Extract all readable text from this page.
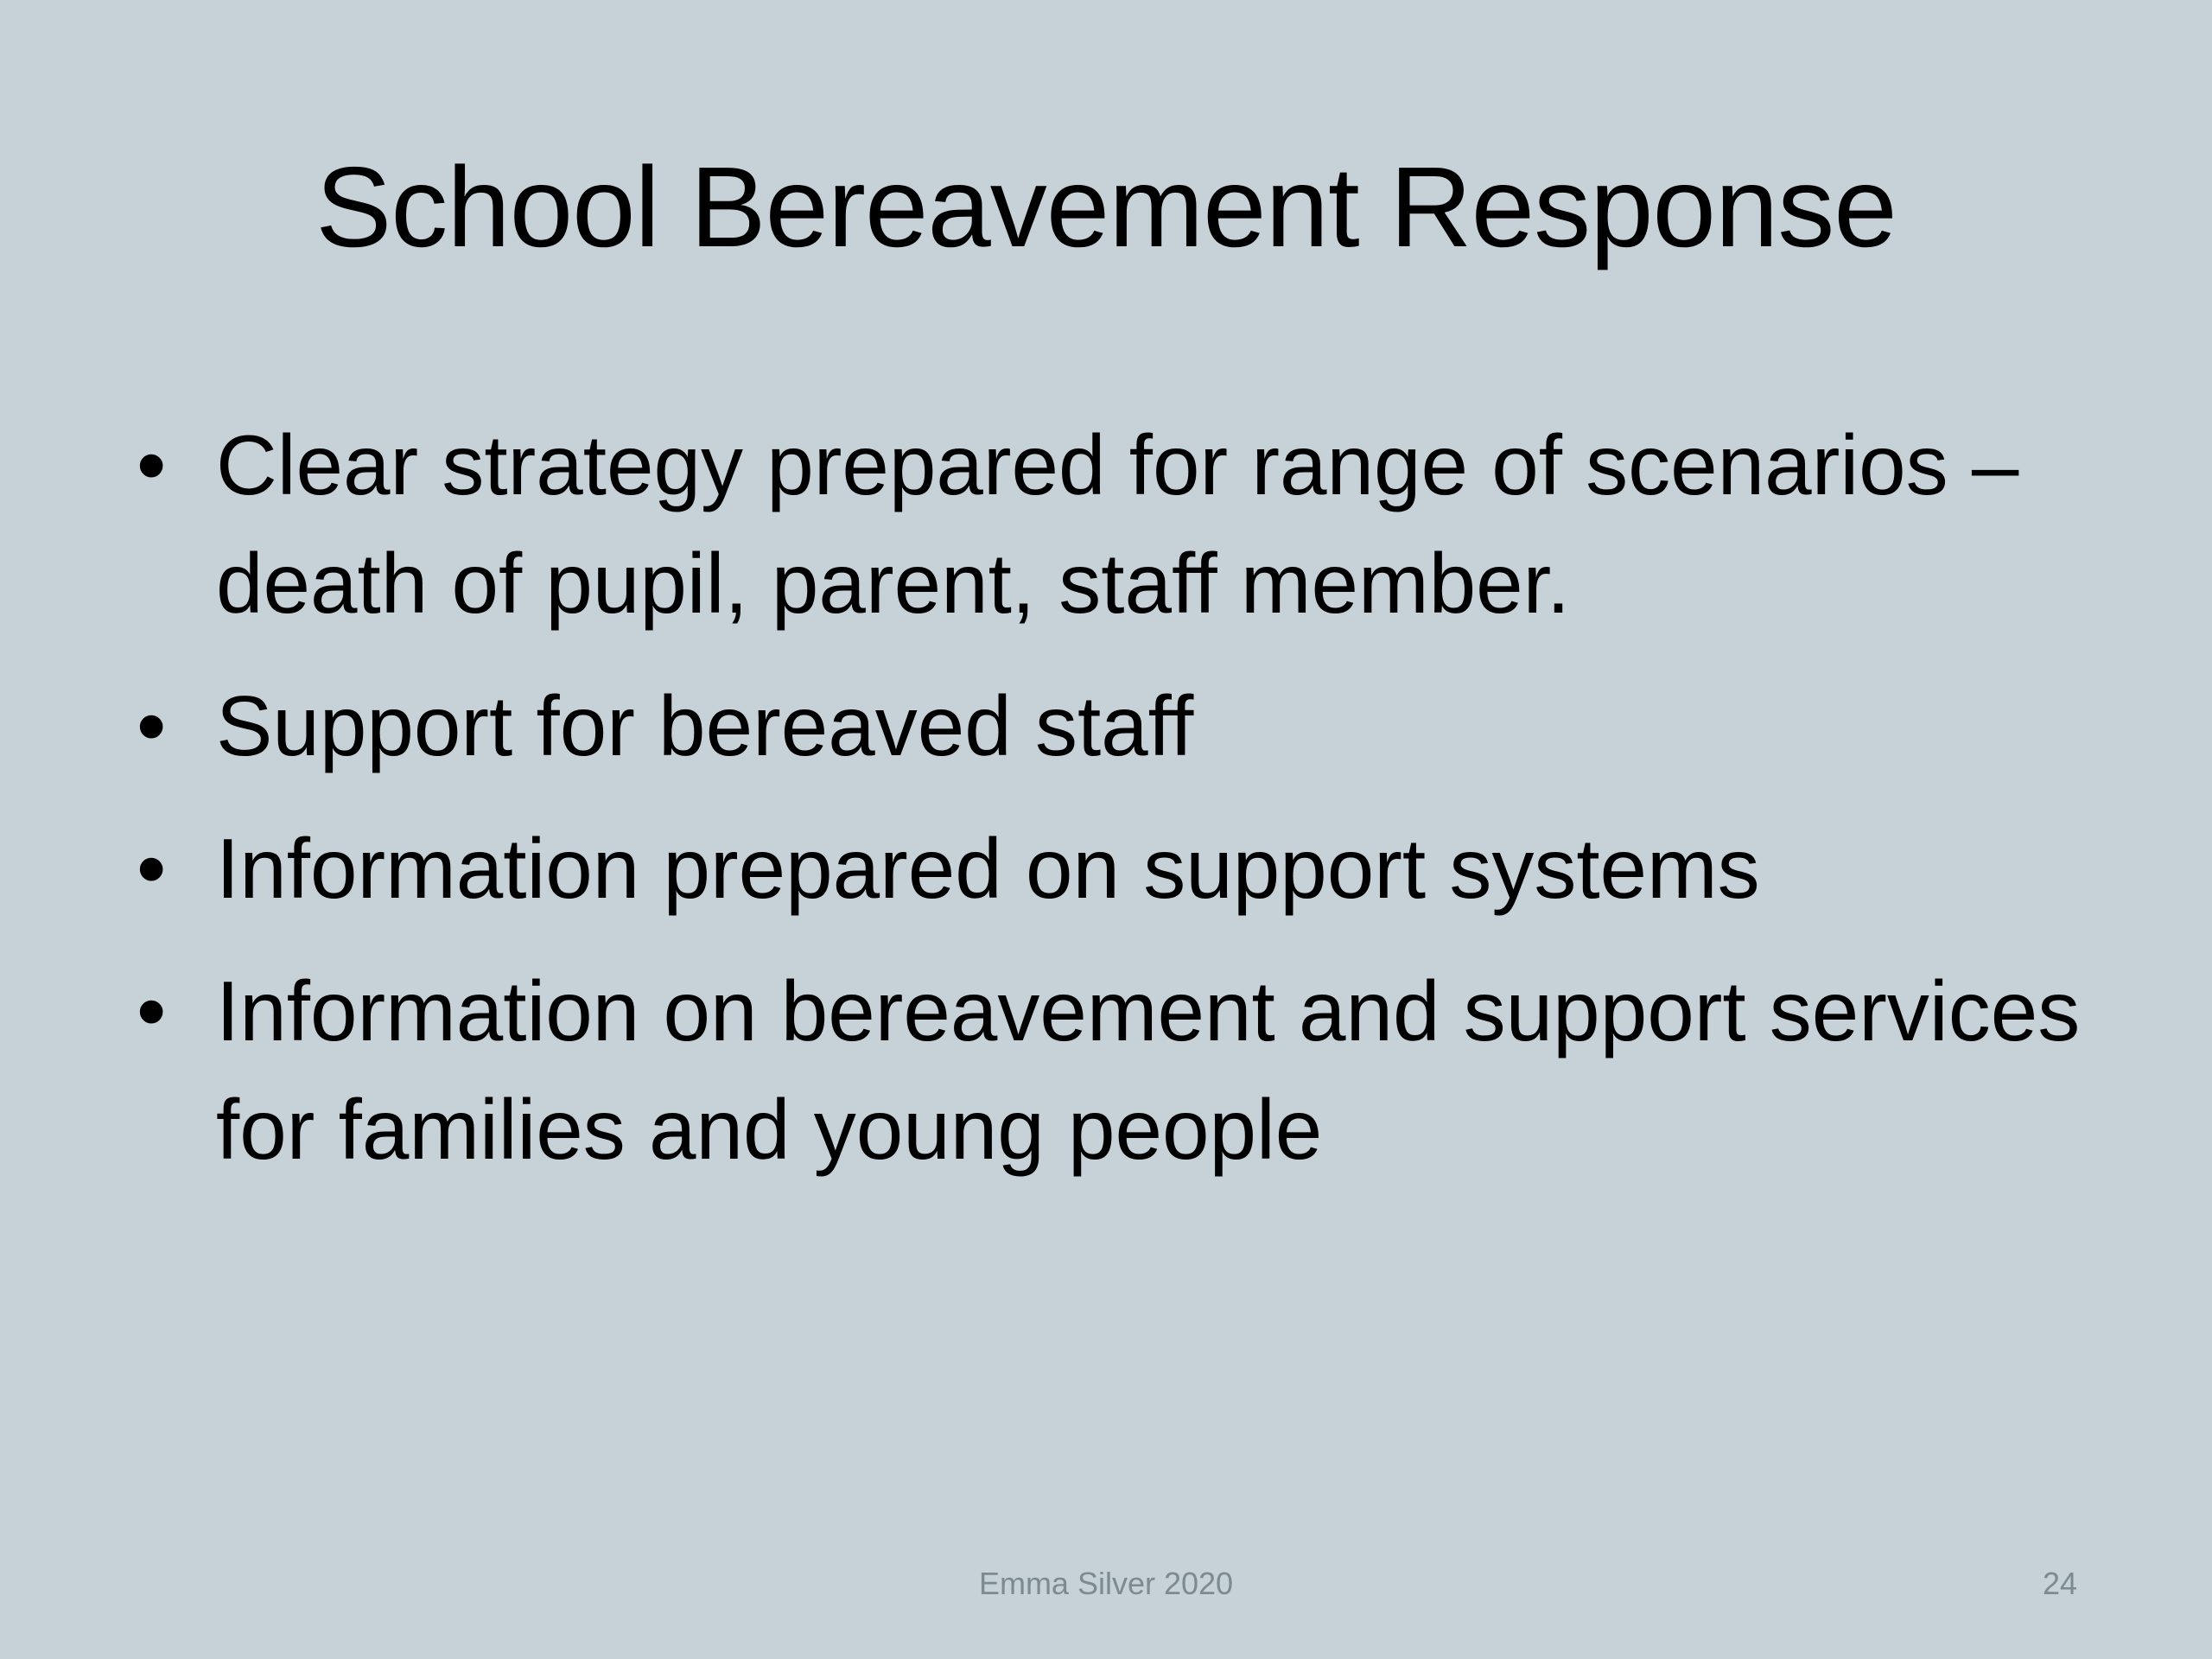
School Bereavement Response
• Clear strategy prepared for range of scenarios – death of pupil, parent, staff member.
• Support for bereaved staff
• Information prepared on support systems
• Information on bereavement and support services for families and young people
Emma Silver 2020	24
